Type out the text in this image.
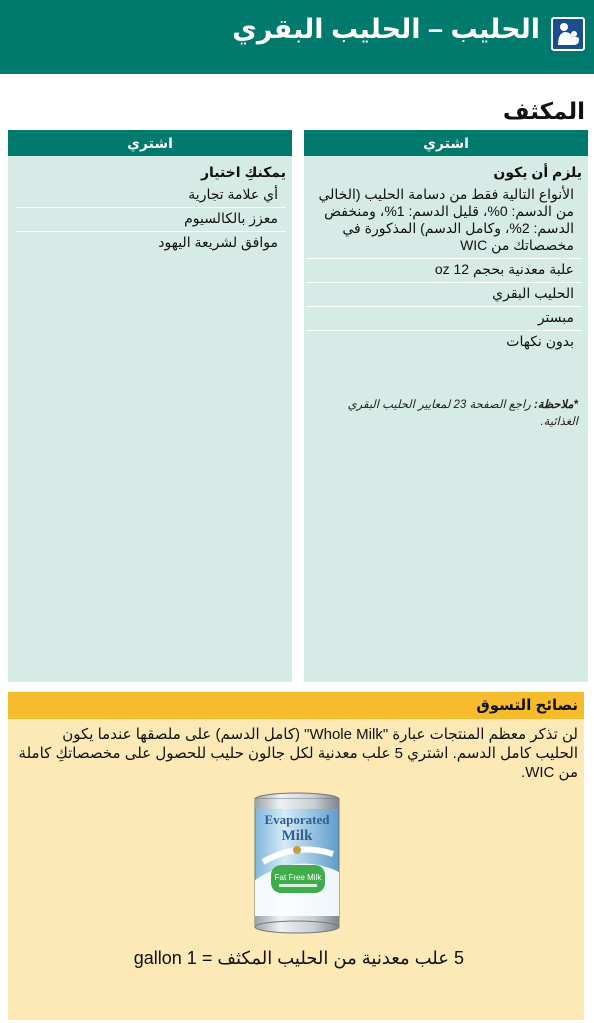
الحليب – الحليب البقري
المكثف
اشتري
يلزم أن يكون
الأنواع التالية فقط من دسامة الحليب (الخالي من الدسم: 0%، قليل الدسم: 1%، ومنخفض الدسم: 2%، وكامل الدسم) المذكورة في مخصصاتك من WIC
علبة معدنية بحجم 12 oz
الحليب البقري
مبستر
بدون نكهات
*ملاحظة: راجع الصفحة 23 لمعايير الحليب البقري الغذائية.
اشتري
يمكنكِ اختيار
أي علامة تجارية
معزز بالكالسيوم
موافق لشريعة اليهود
نصائح التسوق
لن تذكر معظم المنتجات عبارة "Whole Milk" (كامل الدسم) على ملصقها عندما يكون الحليب كامل الدسم. اشتري 5 علب معدنية لكل جالون حليب للحصول على مخصصاتكِ كاملة من WIC.
Evaporated
Milk
Fat Free Milk
5 علب معدنية من الحليب المكثف = 1 gallon
